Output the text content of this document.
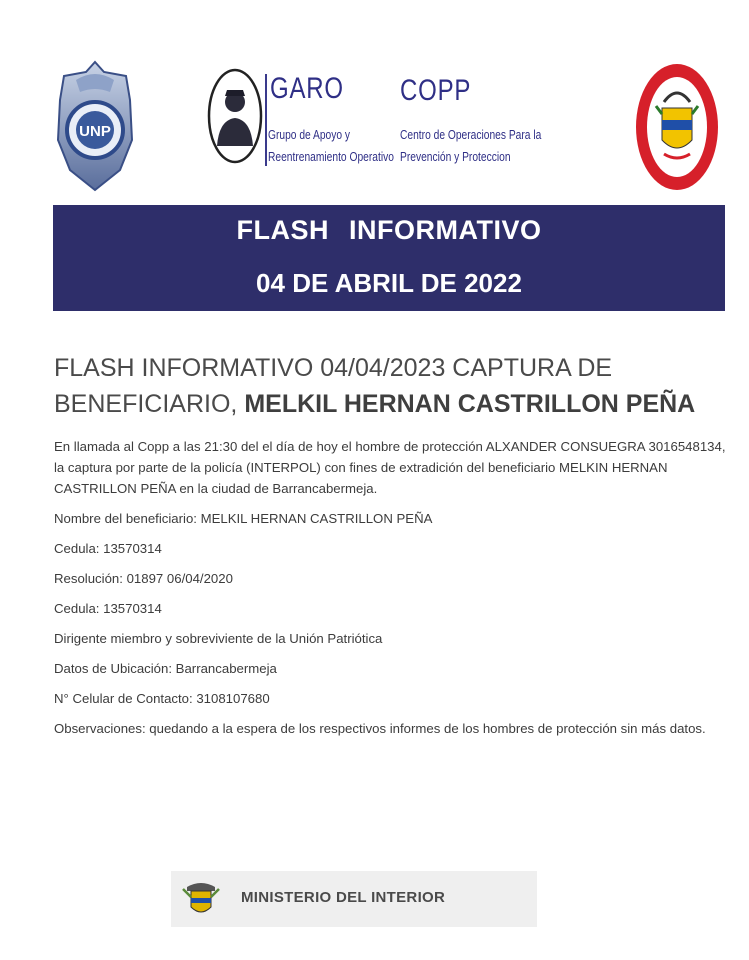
UNP
GARO
Grupo de Apoyo y
Reentrenamiento Operativo
COPP
Centro de Operaciones Para la
Prevención y Proteccion
FLASH INFORMATIVO
04 DE ABRIL DE 2022
FLASH INFORMATIVO 04/04/2023 CAPTURA DE BENEFICIARIO, MELKIL HERNAN CASTRILLON PEÑA

En llamada al Copp a las 21:30 del el día de hoy el hombre de protección ALXANDER CONSUEGRA 3016548134, la captura por parte de la policía (INTERPOL) con fines de extradición del beneficiario MELKIN HERNAN CASTRILLON PEÑA en la ciudad de Barrancabermeja.

Nombre del beneficiario: MELKIL HERNAN CASTRILLON PEÑA

Cedula: 13570314

Resolución: 01897 06/04/2020

Cedula: 13570314

Dirigente miembro y sobreviviente de la Unión Patriótica

Datos de Ubicación: Barrancabermeja

N° Celular de Contacto: 3108107680

Observaciones: quedando a la espera de los respectivos informes de los hombres de protección sin más datos.

MINISTERIO DEL INTERIOR
